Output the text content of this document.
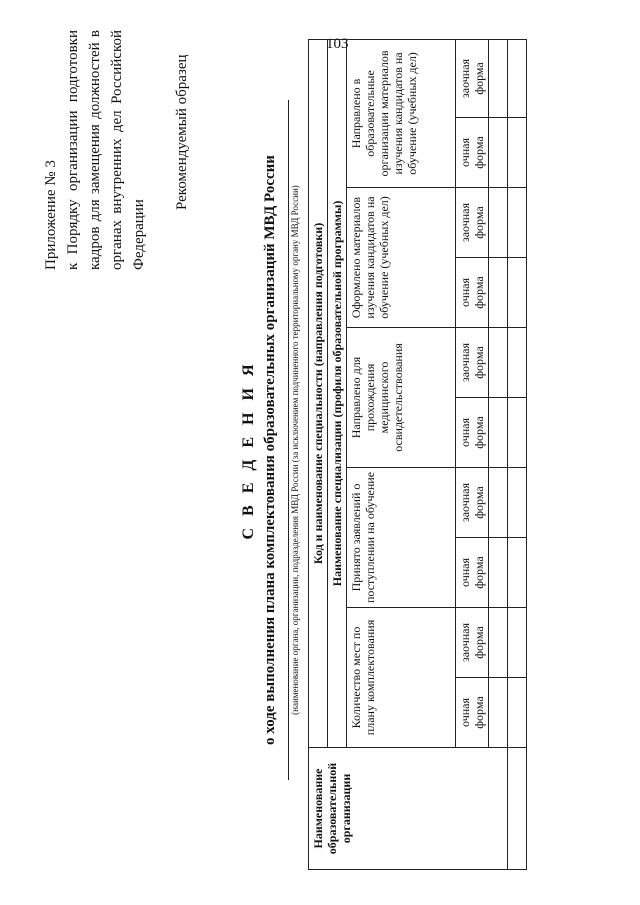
103
Приложение № 3 к Порядку организации подготовки кадров для замещения должностей в органах внутренних дел Российской Федерации
Рекомендуемый образец
С В Е Д Е Н И Я о ходе выполнения плана комплектования образовательных организаций МВД России (наименование органа, организации, подразделения МВД России (за исключением подчиненного территориальному органу МВД России)
Наименование образовательной организации	Код и наименование специальности (направления подготовки)									
	Наименование специализации (профиля образовательной программы)									
	Количество мест по плану комплектования		Принято заявлений о поступлении на обучение		Направлено для прохождения медицинского освидетельствования		Оформлено материалов изучения кандидатов на обучение (учебных дел)		Направлено в образовательные организации материалов изучения кандидатов на обучение (учебных дел)	
	очная форма	заочная форма	очная форма	заочная форма	очная форма	заочная форма	очная форма	заочная форма	очная форма	заочная форма
